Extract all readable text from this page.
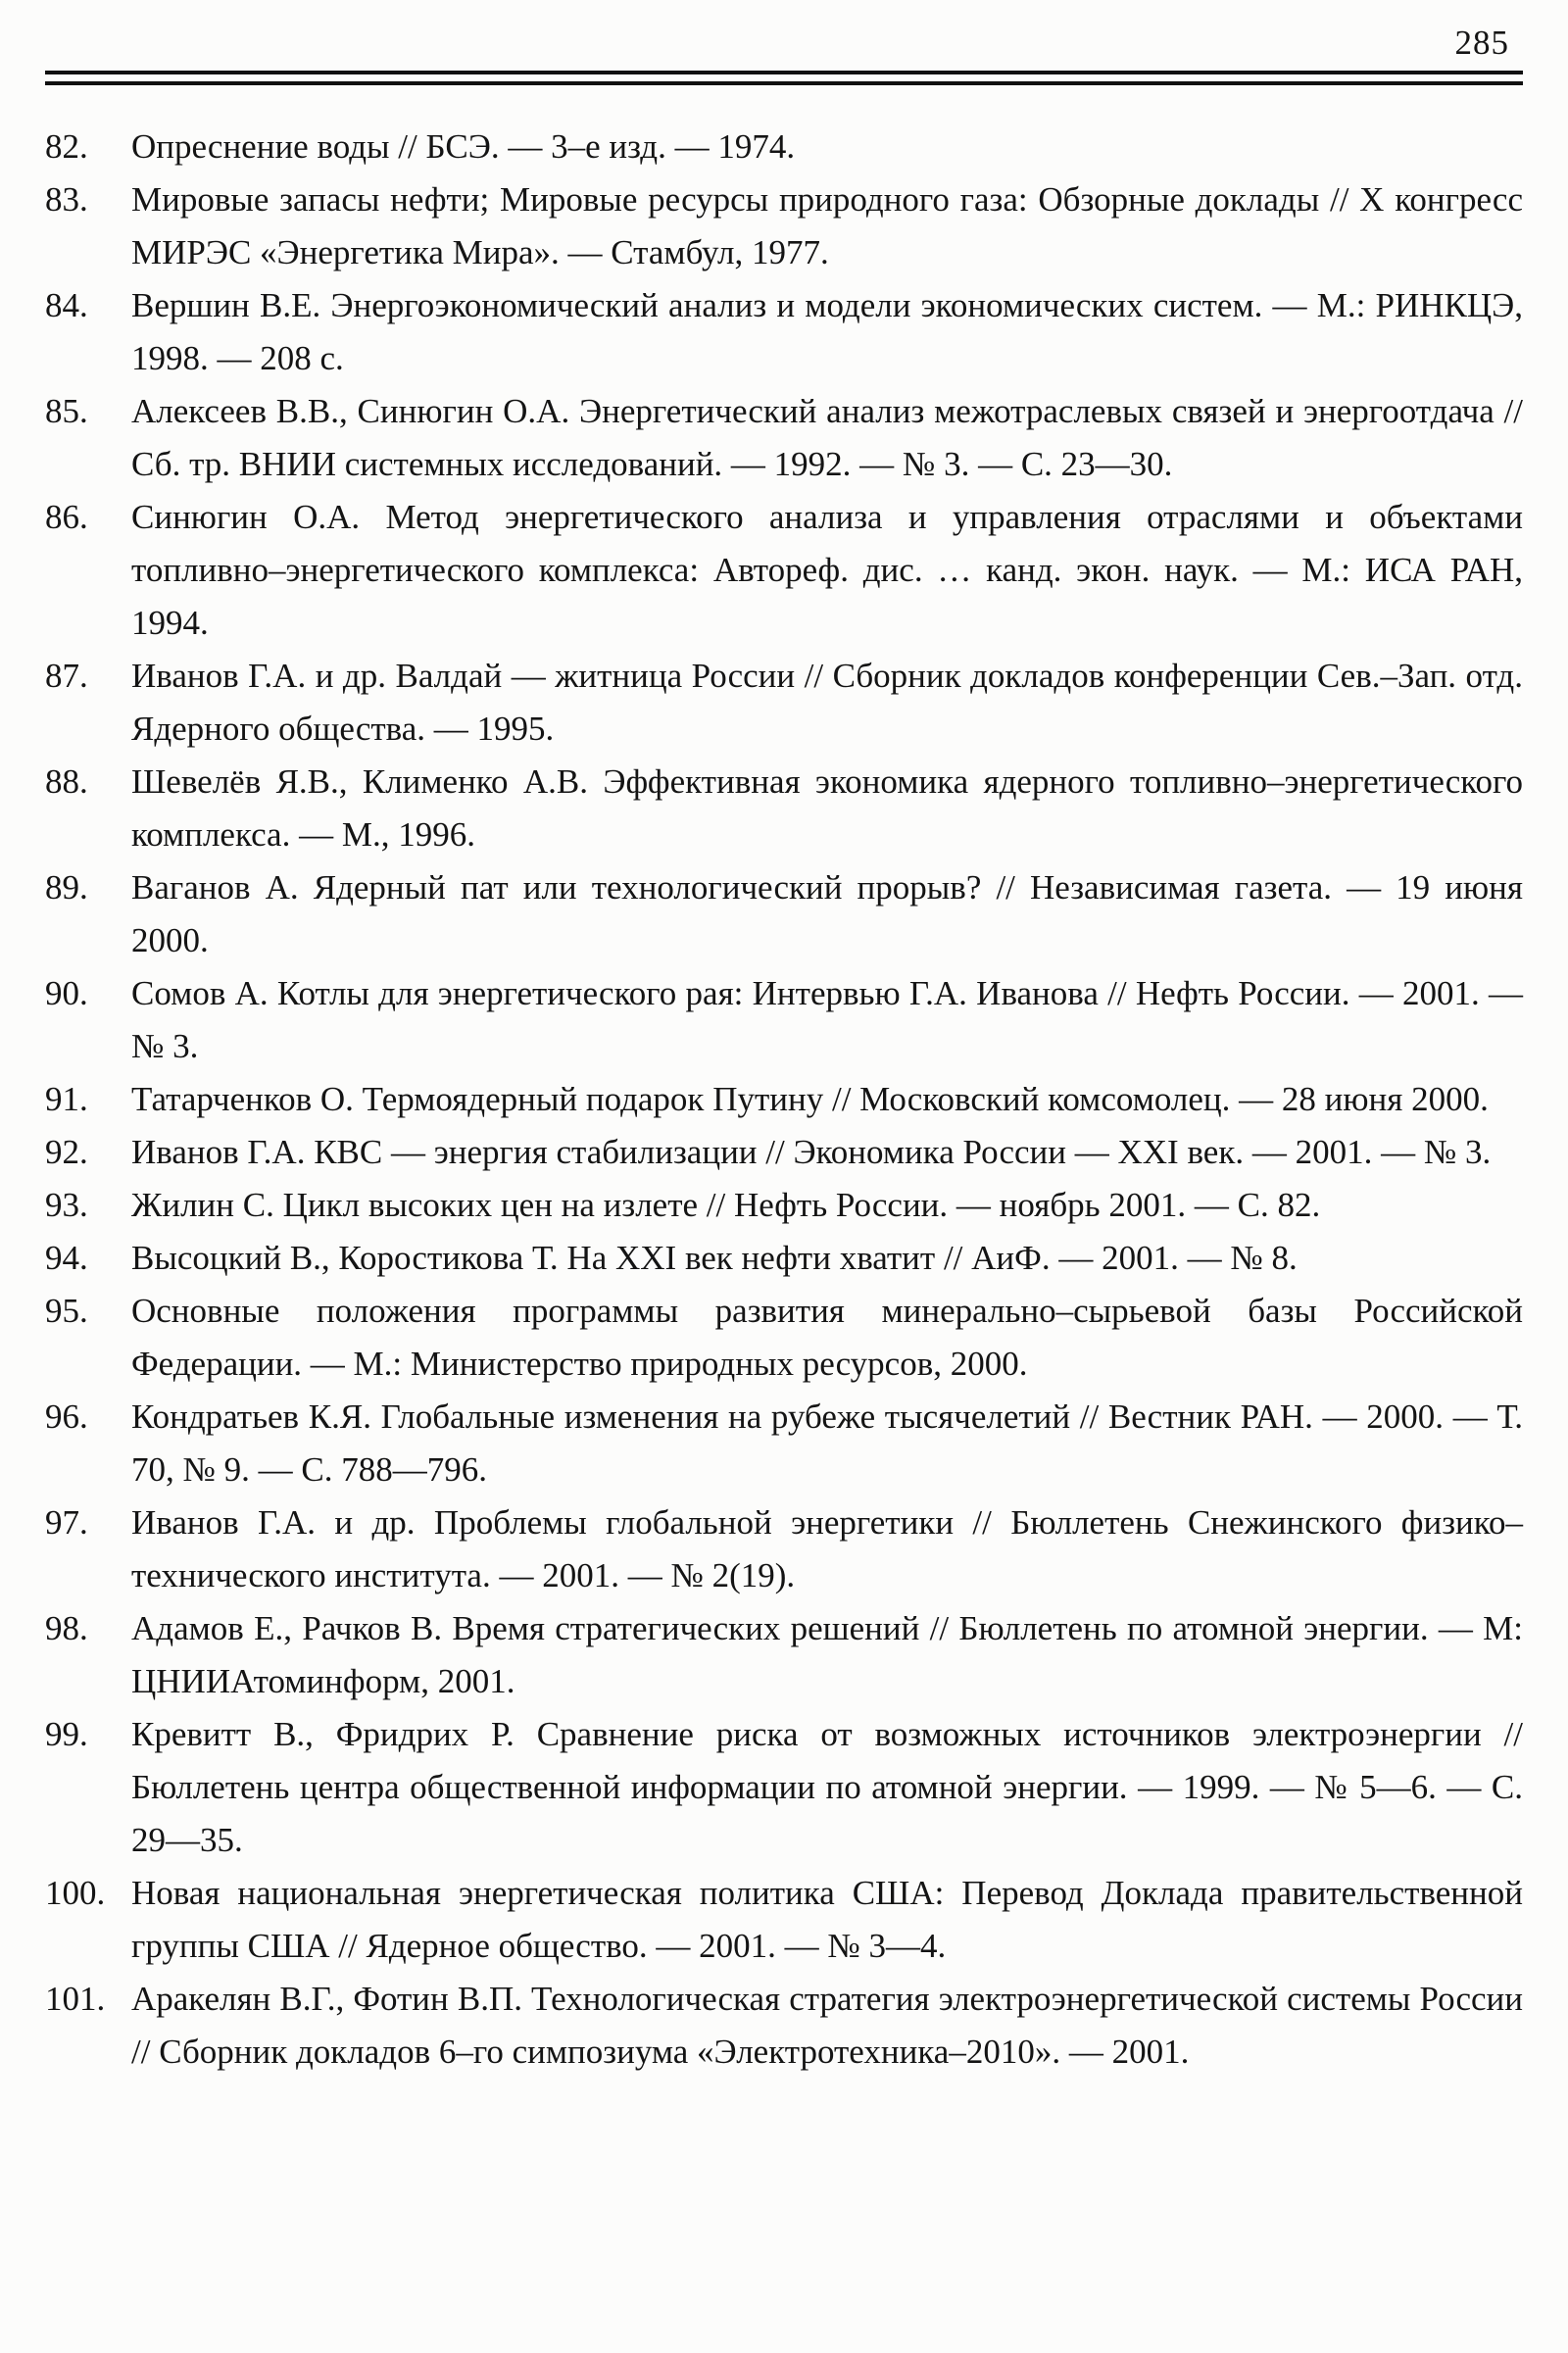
285
82.	Опреснение воды // БСЭ. — 3–е изд. — 1974.
83.	Мировые запасы нефти; Мировые ресурсы природного газа: Обзорные доклады // X конгресс МИРЭС «Энергетика Мира». — Стамбул, 1977.
84.	Вершин В.Е. Энергоэкономический анализ и модели экономических систем. — М.: РИНКЦЭ, 1998. — 208 с.
85.	Алексеев В.В., Синюгин О.А. Энергетический анализ межотраслевых связей и энергоотдача // Сб. тр. ВНИИ системных исследований. — 1992. — № 3. — С. 23—30.
86.	Синюгин О.А. Метод энергетического анализа и управления отраслями и объектами топливно–энергетического комплекса: Автореф. дис. … канд. экон. наук. — М.: ИСА РАН, 1994.
87.	Иванов Г.А. и др. Валдай — житница России // Сборник докладов конференции Сев.–Зап. отд. Ядерного общества. — 1995.
88.	Шевелёв Я.В., Клименко А.В. Эффективная экономика ядерного топливно–энергетического комплекса. — М., 1996.
89.	Ваганов А. Ядерный пат или технологический прорыв? // Независимая газета. — 19 июня 2000.
90.	Сомов А. Котлы для энергетического рая: Интервью Г.А. Иванова // Нефть России. — 2001. — № 3.
91.	Татарченков О. Термоядерный подарок Путину // Московский комсомолец. — 28 июня 2000.
92.	Иванов Г.А. КВС — энергия стабилизации // Экономика России — XXI век. — 2001. — № 3.
93.	Жилин С. Цикл высоких цен на излете // Нефть России. — ноябрь 2001. — С. 82.
94.	Высоцкий В., Коростикова Т. На XXI век нефти хватит // АиФ. — 2001. — № 8.
95.	Основные положения программы развития минерально–сырьевой базы Российской Федерации. — М.: Министерство природных ресурсов, 2000.
96.	Кондратьев К.Я. Глобальные изменения на рубеже тысячелетий // Вестник РАН. — 2000. — Т. 70, № 9. — С. 788—796.
97.	Иванов Г.А. и др. Проблемы глобальной энергетики // Бюллетень Снежинского физико–технического института. — 2001. — № 2(19).
98.	Адамов Е., Рачков В. Время стратегических решений // Бюллетень по атомной энергии. — М: ЦНИИАтоминформ, 2001.
99.	Кревитт В., Фридрих Р. Сравнение риска от возможных источников электроэнергии // Бюллетень центра общественной информации по атомной энергии. — 1999. — № 5—6. — С. 29—35.
100. Новая национальная энергетическая политика США: Перевод Доклада правительственной группы США // Ядерное общество. — 2001. — № 3—4.
101. Аракелян В.Г., Фотин В.П. Технологическая стратегия электроэнергетической системы России // Сборник докладов 6–го симпозиума «Электротехника–2010». — 2001.
